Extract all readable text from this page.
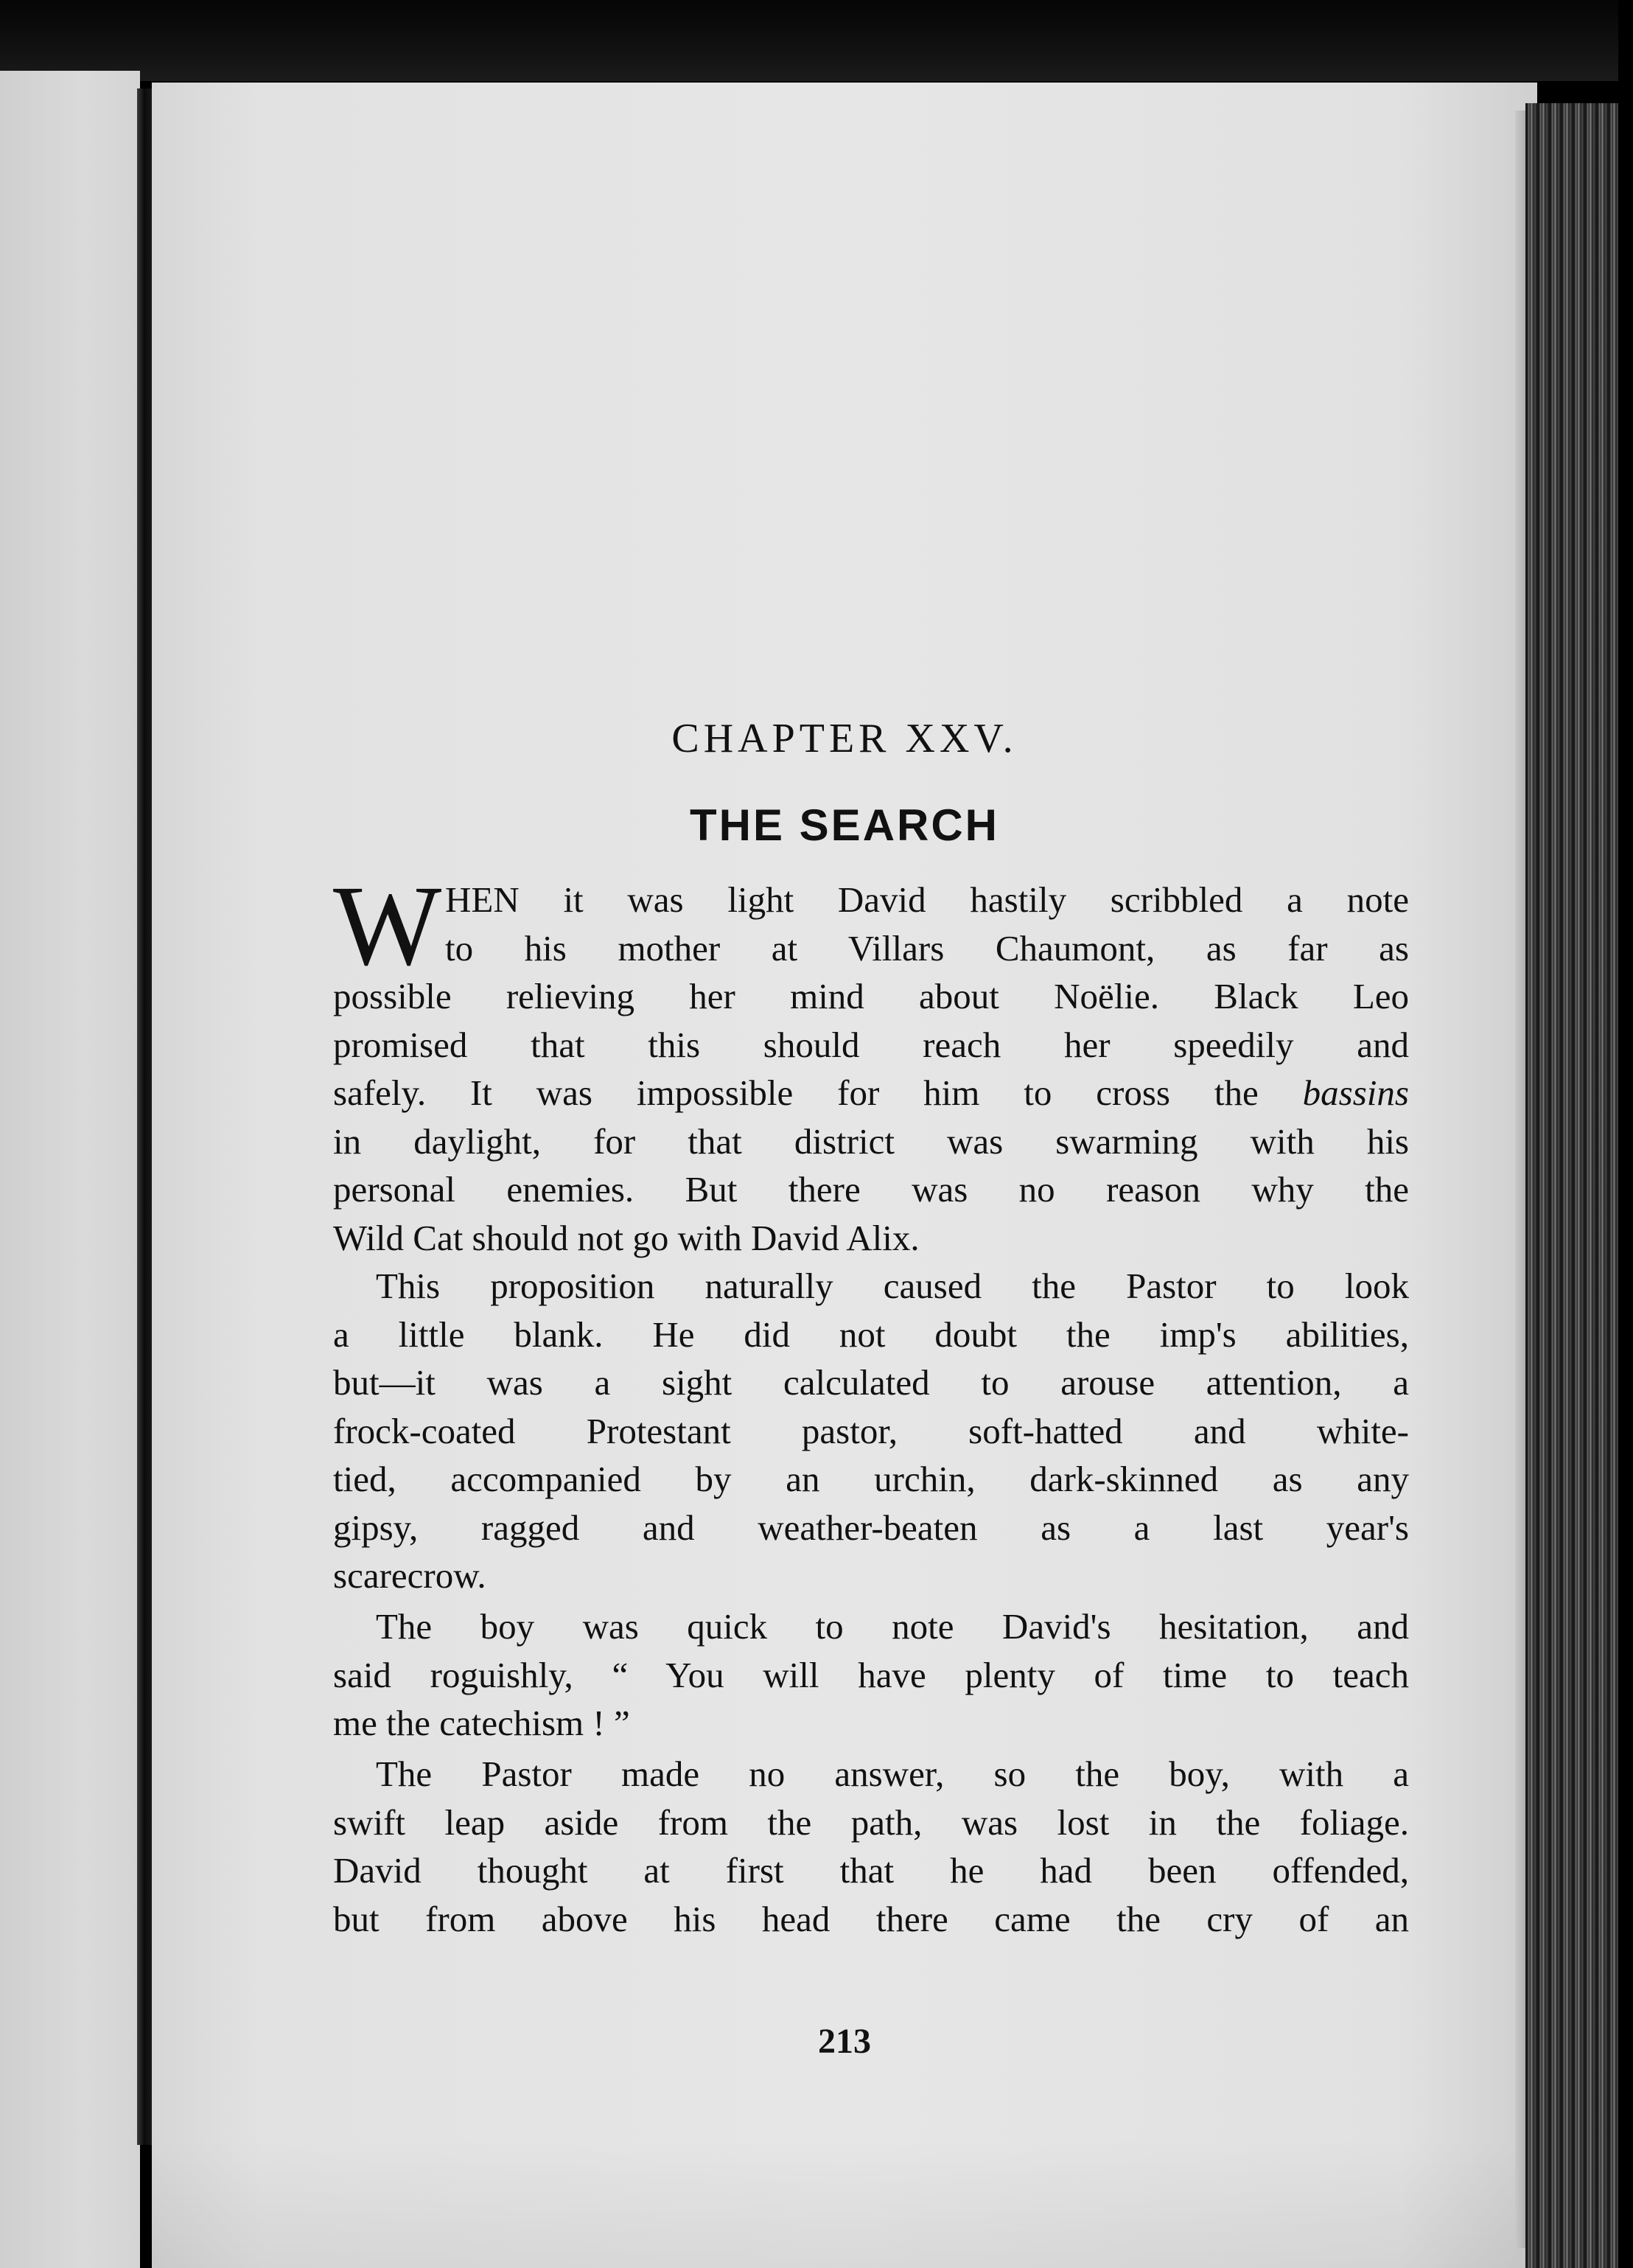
CHAPTER XXV.
THE SEARCH
W HEN it was light David hastily scribbled a note
to his mother at Villars Chaumont, as far as
possible relieving her mind about Noëlie. Black Leo
promised that this should reach her speedily and
safely. It was impossible for him to cross the bassins
in daylight, for that district was swarming with his
personal enemies. But there was no reason why the
Wild Cat should not go with David Alix.
This proposition naturally caused the Pastor to look
a little blank. He did not doubt the imp's abilities,
but—it was a sight calculated to arouse attention, a
frock-coated Protestant pastor, soft-hatted and white-
tied, accompanied by an urchin, dark-skinned as any
gipsy, ragged and weather-beaten as a last year's
scarecrow.
The boy was quick to note David's hesitation, and
said roguishly, “ You will have plenty of time to teach
me the catechism ! ”
The Pastor made no answer, so the boy, with a
swift leap aside from the path, was lost in the foliage.
David thought at first that he had been offended,
but from above his head there came the cry of an
213
